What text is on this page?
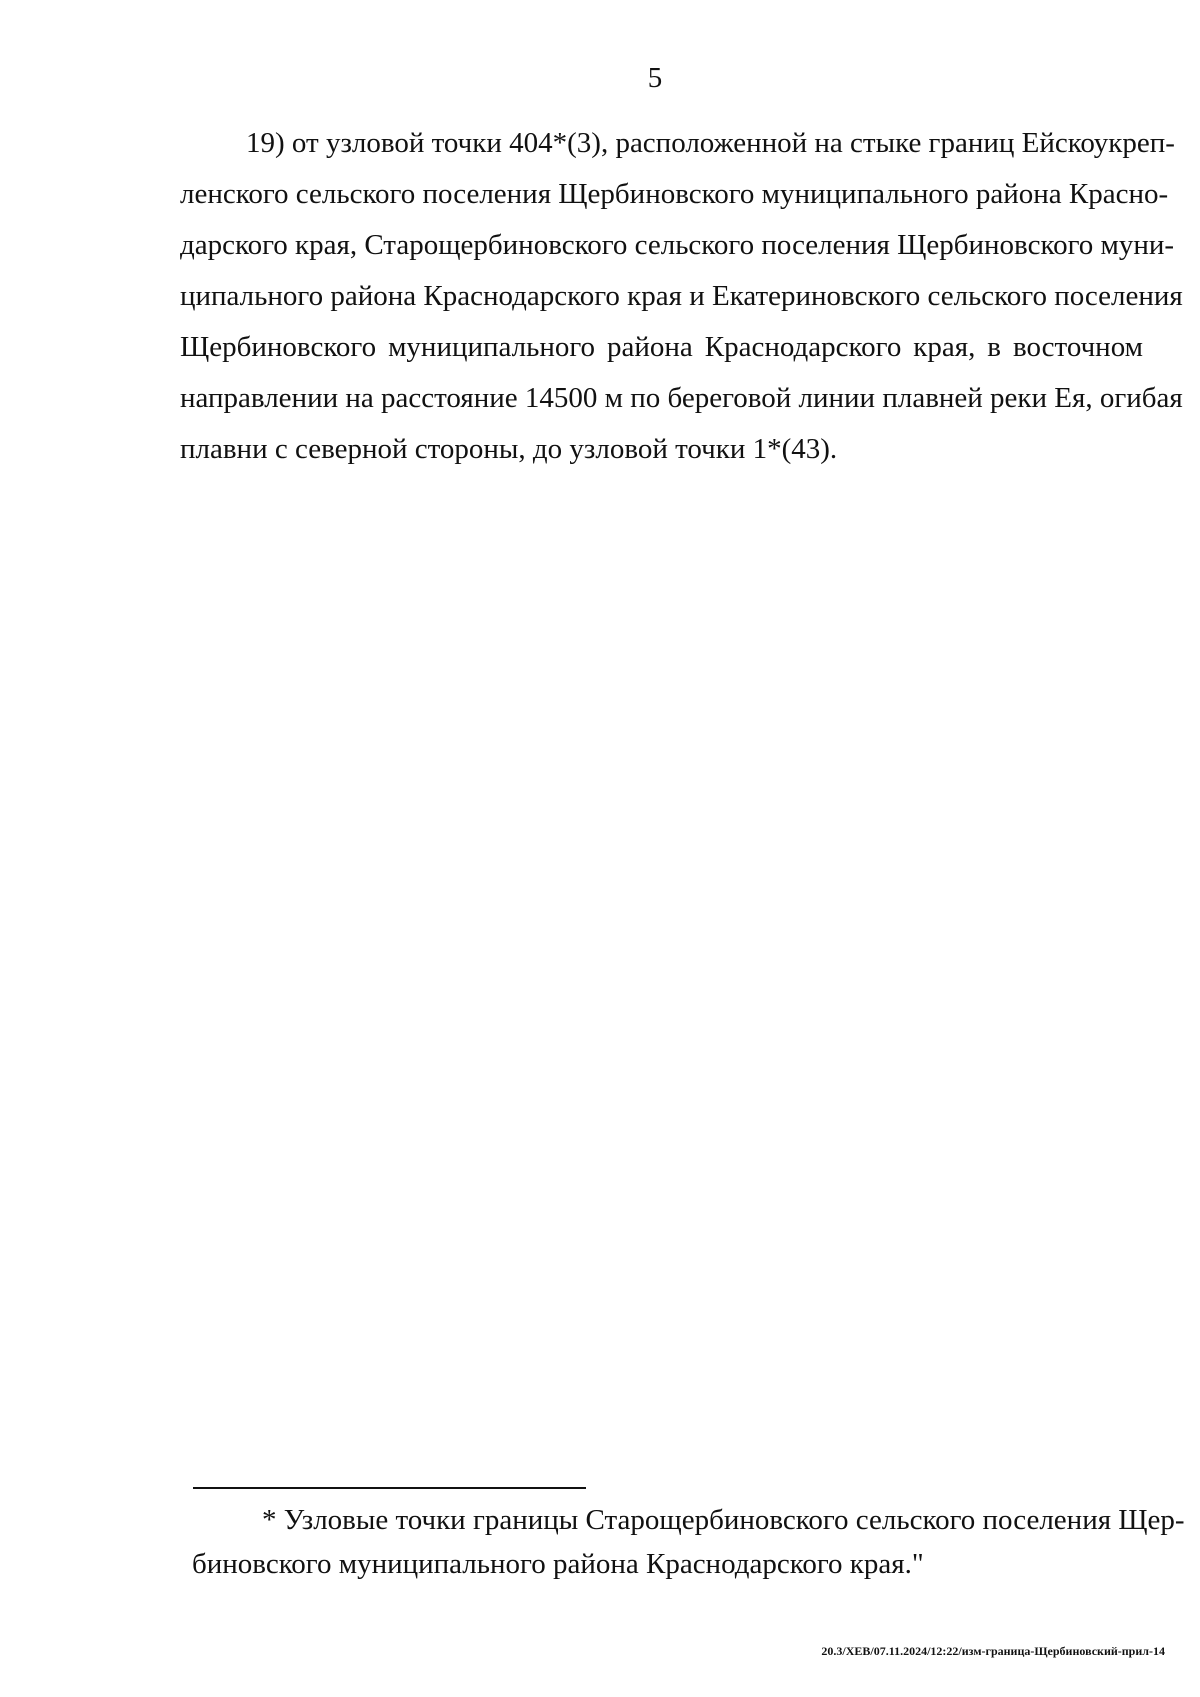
5
19) от узловой точки 404*(3), расположенной на стыке границ Ейскоукреп-
ленского сельского поселения Щербиновского муниципального района Красно-
дарского края, Старощербиновского сельского поселения Щербиновского муни-
ципального района Краснодарского края и Екатериновского сельского поселения
Щербиновского муниципального района Краснодарского края, в восточном
направлении на расстояние 14500 м по береговой линии плавней реки Ея, огибая
плавни с северной стороны, до узловой точки 1*(43).
* Узловые точки границы Старощербиновского сельского поселения Щер-
биновского муниципального района Краснодарского края."
20.3/ХЕВ/07.11.2024/12:22/изм-граница-Щербиновский-прил-14
